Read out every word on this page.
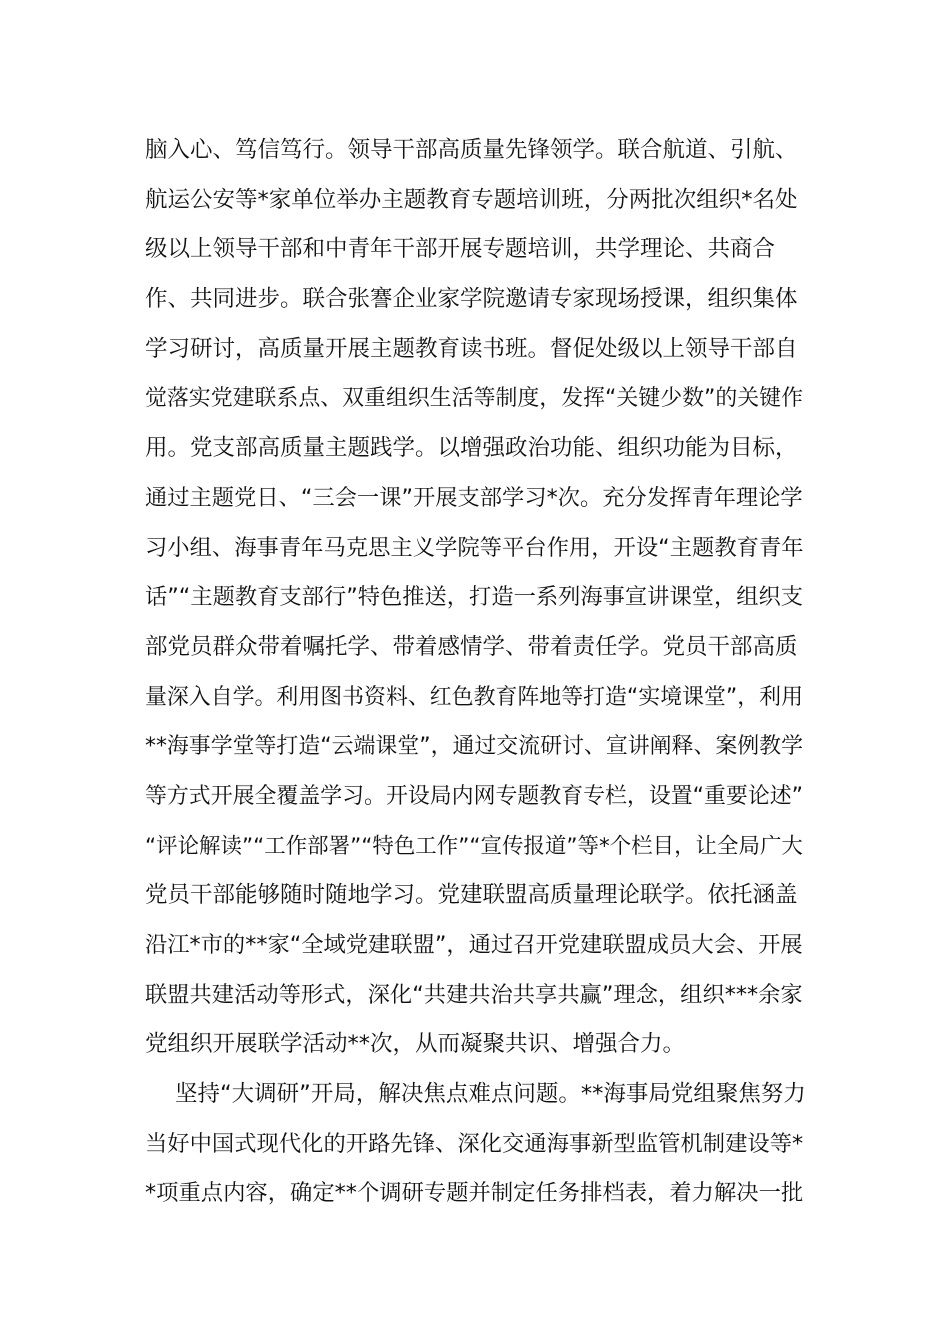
脑入心、笃信笃行。领导干部高质量先锋领学。联合航道、引航、
航运公安等*家单位举办主题教育专题培训班，分两批次组织*名处
级以上领导干部和中青年干部开展专题培训，共学理论、共商合
作、共同进步。联合张謇企业家学院邀请专家现场授课，组织集体
学习研讨，高质量开展主题教育读书班。督促处级以上领导干部自
觉落实党建联系点、双重组织生活等制度，发挥“关键少数”的关键作
用。党支部高质量主题践学。以增强政治功能、组织功能为目标，
通过主题党日、“三会一课”开展支部学习*次。充分发挥青年理论学
习小组、海事青年马克思主义学院等平台作用，开设“主题教育青年
话”“主题教育支部行”特色推送，打造一系列海事宣讲课堂，组织支
部党员群众带着嘱托学、带着感情学、带着责任学。党员干部高质
量深入自学。利用图书资料、红色教育阵地等打造“实境课堂”，利用
**海事学堂等打造“云端课堂”，通过交流研讨、宣讲阐释、案例教学
等方式开展全覆盖学习。开设局内网专题教育专栏，设置“重要论述”
“评论解读”“工作部署”“特色工作”“宣传报道”等*个栏目，让全局广大
党员干部能够随时随地学习。党建联盟高质量理论联学。依托涵盖
沿江*市的**家“全域党建联盟”，通过召开党建联盟成员大会、开展
联盟共建活动等形式，深化“共建共治共享共赢”理念，组织***余家
党组织开展联学活动**次，从而凝聚共识、增强合力。
坚持“大调研”开局，解决焦点难点问题。**海事局党组聚焦努力
当好中国式现代化的开路先锋、深化交通海事新型监管机制建设等*
*项重点内容，确定**个调研专题并制定任务排档表，着力解决一批
